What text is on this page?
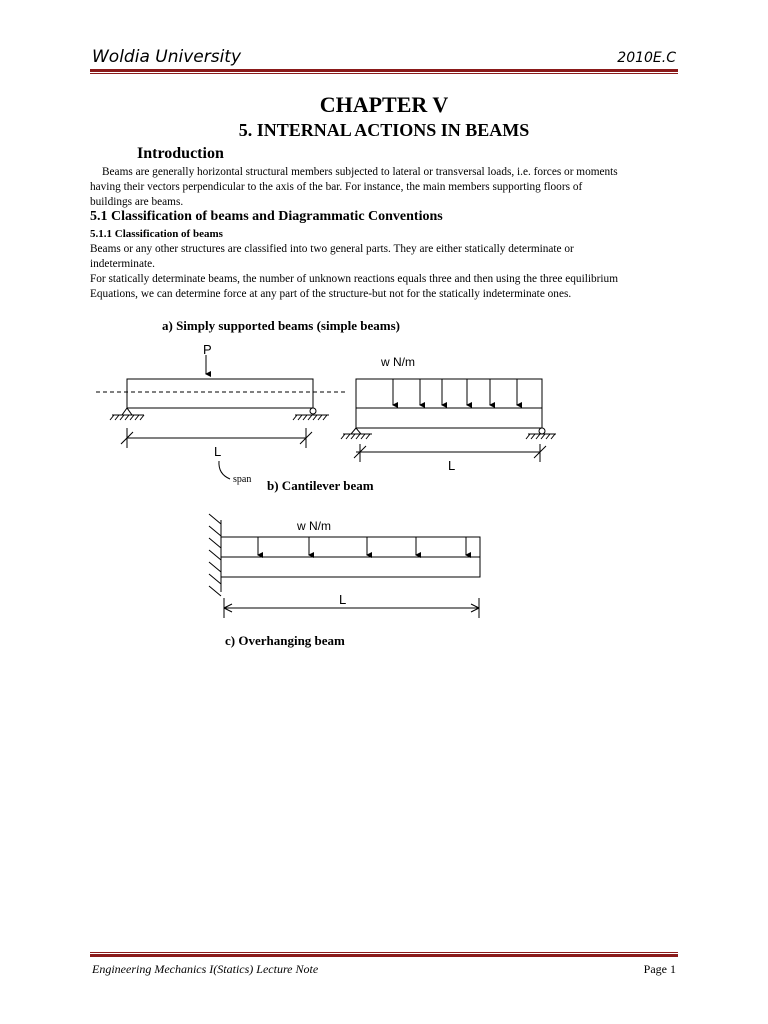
Woldia University	2010E.C
CHAPTER V
5. INTERNAL ACTIONS IN BEAMS
Introduction
Beams are generally horizontal structural members subjected to lateral or transversal loads, i.e. forces or moments
having their vectors perpendicular to the axis of the bar. For instance, the main members supporting floors of
buildings are beams.
5.1 Classification of beams and Diagrammatic Conventions
5.1.1 Classification of beams
Beams or any other structures are classified into two general parts. They are either statically determinate or
indeterminate.
For statically determinate beams, the number of unknown reactions equals three and then using the three equilibrium
Equations, we can determine force at any part of the structure-but not for the statically indeterminate ones.
a) Simply supported beams (simple beams)
b) Cantilever beam
c) Overhanging beam
P
w N/m
w N/m
L
L
L
span
Engineering Mechanics I(Statics) Lecture Note	Page 1
